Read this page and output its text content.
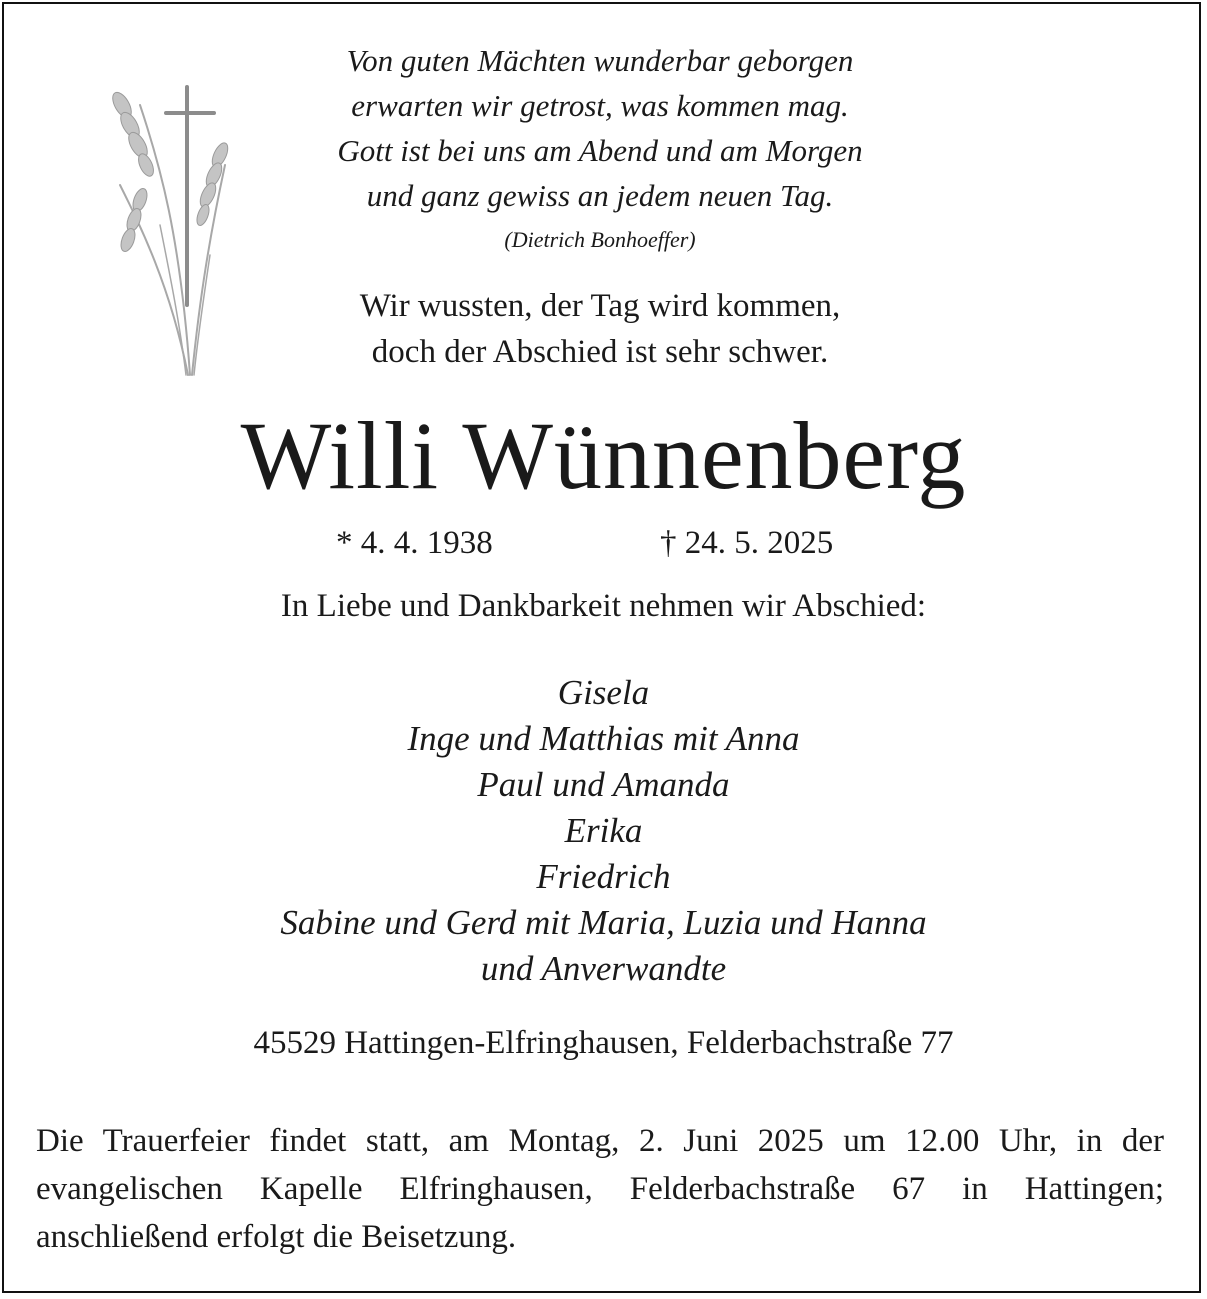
Von guten Mächten wunderbar geborgen
erwarten wir getrost, was kommen mag.
Gott ist bei uns am Abend und am Morgen
und ganz gewiss an jedem neuen Tag.
(Dietrich Bonhoeffer)
Wir wussten, der Tag wird kommen,
doch der Abschied ist sehr schwer.
Willi Wünnenberg
* 4. 4. 1938	† 24. 5. 2025
In Liebe und Dankbarkeit nehmen wir Abschied:
Gisela
Inge und Matthias mit Anna
Paul und Amanda
Erika
Friedrich
Sabine und Gerd mit Maria, Luzia und Hanna
und Anverwandte
45529 Hattingen-Elfringhausen, Felderbachstraße 77
Die Trauerfeier findet statt, am Montag, 2. Juni 2025 um 12.00 Uhr, in der evangelischen Kapelle Elfringhausen, Felderbachstraße 67 in Hattingen; anschließend erfolgt die Beisetzung.
